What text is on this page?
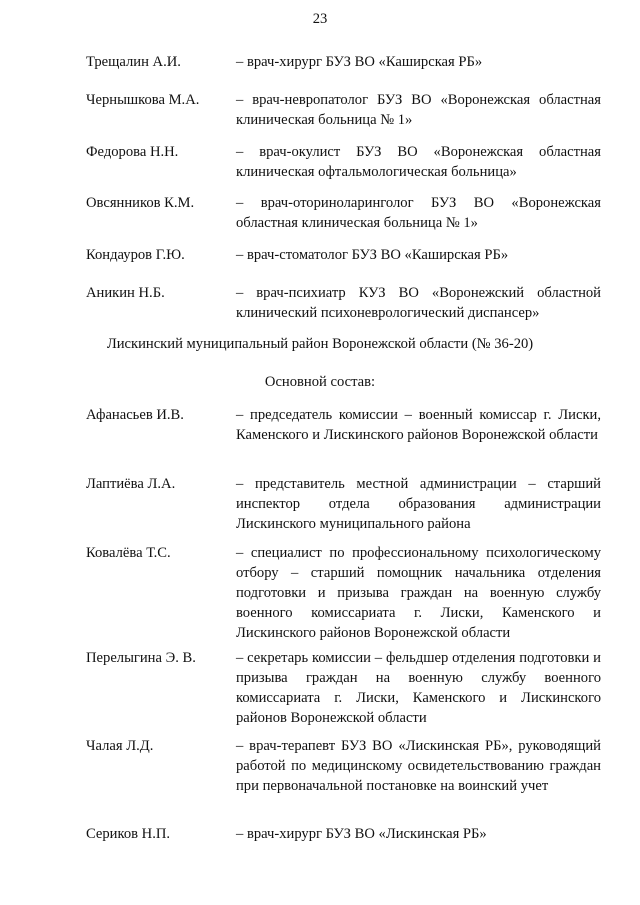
23
Трещалин А.И.	– врач-хирург БУЗ ВО «Каширская РБ»
Чернышкова М.А.	– врач-невропатолог БУЗ ВО «Воронежская областная клиническая больница № 1»
Федорова Н.Н.	– врач-окулист БУЗ ВО «Воронежская областная клиническая офтальмологическая больница»
Овсянников К.М.	– врач-оториноларинголог БУЗ ВО «Воронежская областная клиническая больница № 1»
Кондауров Г.Ю.	– врач-стоматолог БУЗ ВО «Каширская РБ»
Аникин Н.Б.	– врач-психиатр КУЗ ВО «Воронежский областной клинический психоневрологический диспансер»
Лискинский муниципальный район Воронежской области (№ 36-20)
Основной состав:
Афанасьев И.В.	– председатель комиссии – военный комиссар г. Лиски, Каменского и Лискинского районов Воронежской области
Лаптиёва Л.А.	– представитель местной администрации – старший инспектор отдела образования администрации Лискинского муниципального района
Ковалёва Т.С.	– специалист по профессиональному психологическому отбору – старший помощник начальника отделения подготовки и призыва граждан на военную службу военного комиссариата г. Лиски, Каменского и Лискинского районов Воронежской области
Перелыгина Э. В.	– секретарь комиссии – фельдшер отделения подготовки и призыва граждан на военную службу военного комиссариата г. Лиски, Каменского и Лискинского районов Воронежской области
Чалая Л.Д.	– врач-терапевт БУЗ ВО «Лискинская РБ», руководящий работой по медицинскому освидетельствованию граждан при первоначальной постановке на воинский учет
Сериков Н.П.	– врач-хирург БУЗ ВО «Лискинская РБ»
